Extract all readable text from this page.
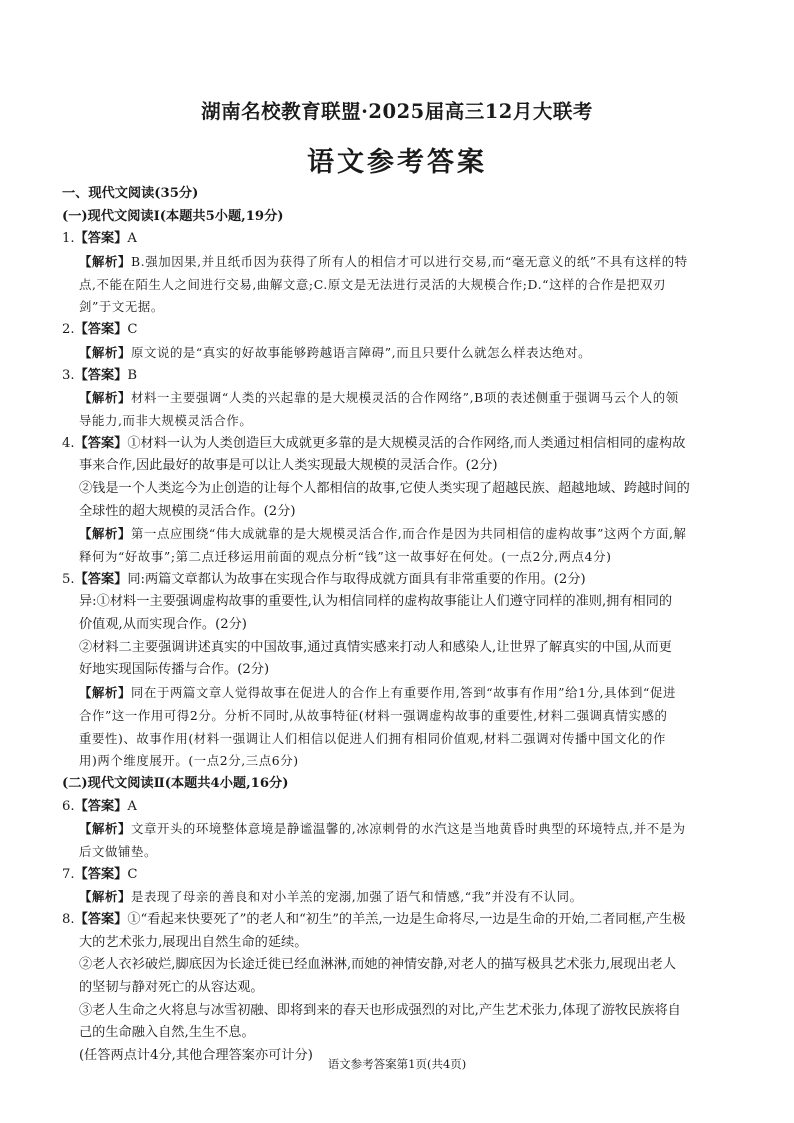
湖南名校教育联盟·2025届高三12月大联考
语文参考答案
一、现代文阅读(35分)
(一)现代文阅读Ⅰ(本题共5小题,19分)
1.【答案】A
【解析】B.强加因果,并且纸币因为获得了所有人的相信才可以进行交易,而“毫无意义的纸”不具有这样的特
点,不能在陌生人之间进行交易,曲解文意;C.原文是无法进行灵活的大规模合作;D.“这样的合作是把双刃
剑”于文无据。
2.【答案】C
【解析】原文说的是“真实的好故事能够跨越语言障碍”,而且只要什么就怎么样表达绝对。
3.【答案】B
【解析】材料一主要强调“人类的兴起靠的是大规模灵活的合作网络”,B项的表述侧重于强调马云个人的领
导能力,而非大规模灵活合作。
4.【答案】①材料一认为人类创造巨大成就更多靠的是大规模灵活的合作网络,而人类通过相信相同的虚构故
事来合作,因此最好的故事是可以让人类实现最大规模的灵活合作。(2分)
②钱是一个人类迄今为止创造的让每个人都相信的故事,它使人类实现了超越民族、超越地域、跨越时间的
全球性的超大规模的灵活合作。(2分)
【解析】第一点应围绕“伟大成就靠的是大规模灵活合作,而合作是因为共同相信的虚构故事”这两个方面,解
释何为“好故事”;第二点迁移运用前面的观点分析“钱”这一故事好在何处。(一点2分,两点4分)
5.【答案】同:两篇文章都认为故事在实现合作与取得成就方面具有非常重要的作用。(2分)
异:①材料一主要强调虚构故事的重要性,认为相信同样的虚构故事能让人们遵守同样的准则,拥有相同的
价值观,从而实现合作。(2分)
②材料二主要强调讲述真实的中国故事,通过真情实感来打动人和感染人,让世界了解真实的中国,从而更
好地实现国际传播与合作。(2分)
【解析】同在于两篇文章人觉得故事在促进人的合作上有重要作用,答到“故事有作用”给1分,具体到“促进
合作”这一作用可得2分。分析不同时,从故事特征(材料一强调虚构故事的重要性,材料二强调真情实感的
重要性)、故事作用(材料一强调让人们相信以促进人们拥有相同价值观,材料二强调对传播中国文化的作
用)两个维度展开。(一点2分,三点6分)
(二)现代文阅读Ⅱ(本题共4小题,16分)
6.【答案】A
【解析】文章开头的环境整体意境是静谧温馨的,冰凉刺骨的水汽这是当地黄昏时典型的环境特点,并不是为
后文做铺垫。
7.【答案】C
【解析】是表现了母亲的善良和对小羊羔的宠溺,加强了语气和情感,“我”并没有不认同。
8.【答案】①“看起来快要死了”的老人和“初生”的羊羔,一边是生命将尽,一边是生命的开始,二者同框,产生极
大的艺术张力,展现出自然生命的延续。
②老人衣衫破烂,脚底因为长途迁徙已经血淋淋,而她的神情安静,对老人的描写极具艺术张力,展现出老人
的坚韧与静对死亡的从容达观。
③老人生命之火将息与冰雪初融、即将到来的春天也形成强烈的对比,产生艺术张力,体现了游牧民族将自
己的生命融入自然,生生不息。
(任答两点计4分,其他合理答案亦可计分)
语文参考答案第1页(共4页)
